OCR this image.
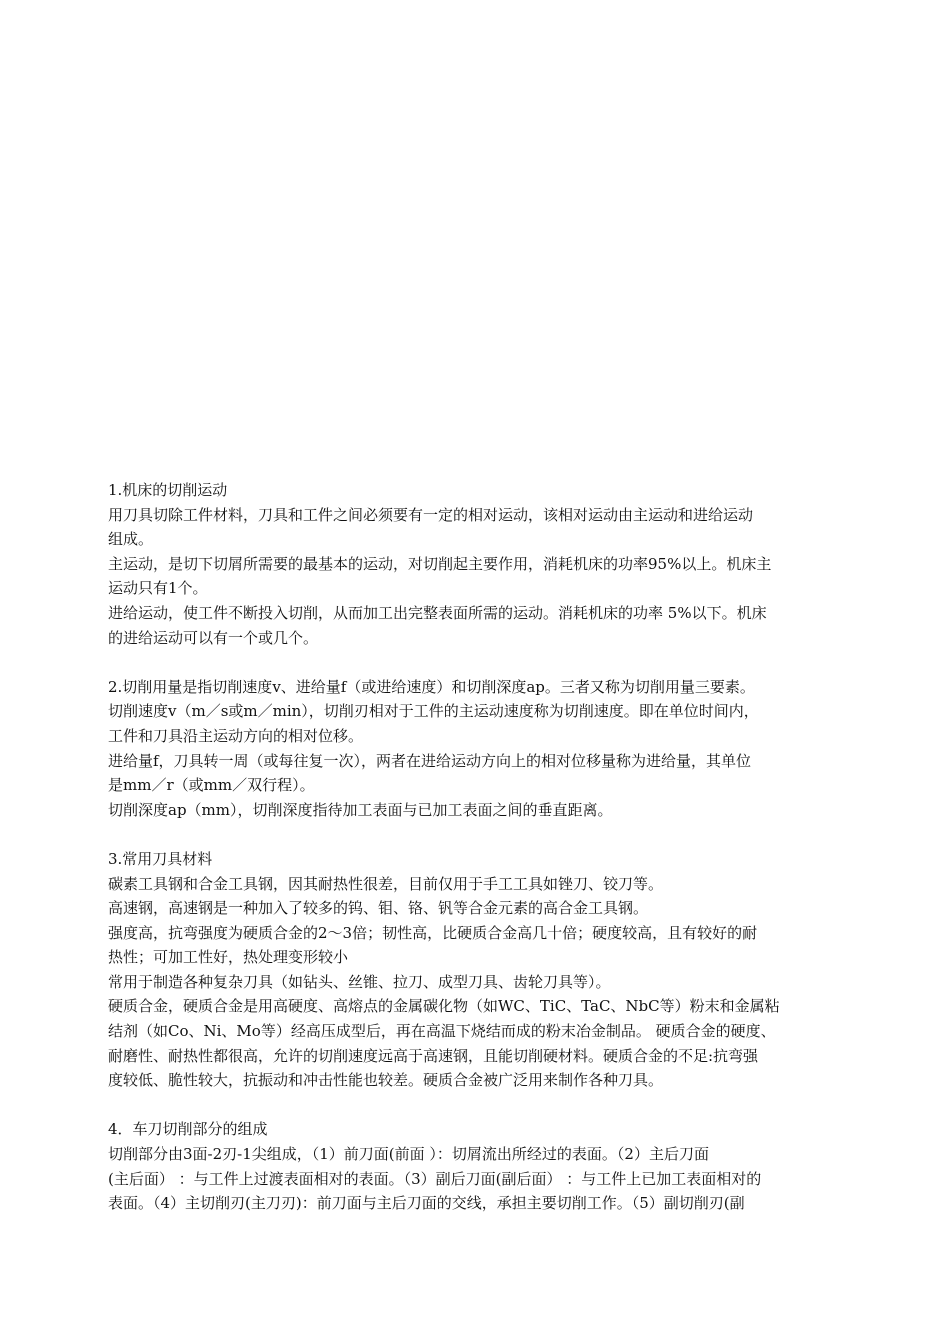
1.机床的切削运动
用刀具切除工件材料，刀具和工件之间必须要有一定的相对运动，该相对运动由主运动和进给运动
组成。
主运动，是切下切屑所需要的最基本的运动，对切削起主要作用，消耗机床的功率95%以上。机床主
运动只有1个。
进给运动，使工件不断投入切削，从而加工出完整表面所需的运动。消耗机床的功率 5%以下。机床
的进给运动可以有一个或几个。
2.切削用量是指切削速度v、进给量f（或进给速度）和切削深度ap。三者又称为切削用量三要素。
切削速度v（m／s或m／min），切削刃相对于工件的主运动速度称为切削速度。即在单位时间内，
工件和刀具沿主运动方向的相对位移。
进给量f，刀具转一周（或每往复一次），两者在进给运动方向上的相对位移量称为进给量，其单位
是mm／r（或mm／双行程）。
切削深度ap（mm），切削深度指待加工表面与已加工表面之间的垂直距离。
3.常用刀具材料
碳素工具钢和合金工具钢，因其耐热性很差，目前仅用于手工工具如锉刀、铰刀等。
高速钢，高速钢是一种加入了较多的钨、钼、铬、钒等合金元素的高合金工具钢。
强度高，抗弯强度为硬质合金的2～3倍；韧性高，比硬质合金高几十倍；硬度较高，且有较好的耐
热性；可加工性好，热处理变形较小
常用于制造各种复杂刀具（如钻头、丝锥、拉刀、成型刀具、齿轮刀具等）。
硬质合金，硬质合金是用高硬度、高熔点的金属碳化物（如WC、TiC、TaC、NbC等）粉末和金属粘
结剂（如Co、Ni、Mo等）经高压成型后，再在高温下烧结而成的粉末冶金制品。 硬质合金的硬度、
耐磨性、耐热性都很高，允许的切削速度远高于高速钢，且能切削硬材料。硬质合金的不足:抗弯强
度较低、脆性较大，抗振动和冲击性能也较差。硬质合金被广泛用来制作各种刀具。
4．车刀切削部分的组成
切削部分由3面-2刃-1尖组成，（1）前刀面(前面 ）：切屑流出所经过的表面。（2）主后刀面
(主后面） ：与工件上过渡表面相对的表面。（3）副后刀面(副后面） ：与工件上已加工表面相对的
表面。（4）主切削刃(主刀刃)：前刀面与主后刀面的交线，承担主要切削工作。（5）副切削刃(副
